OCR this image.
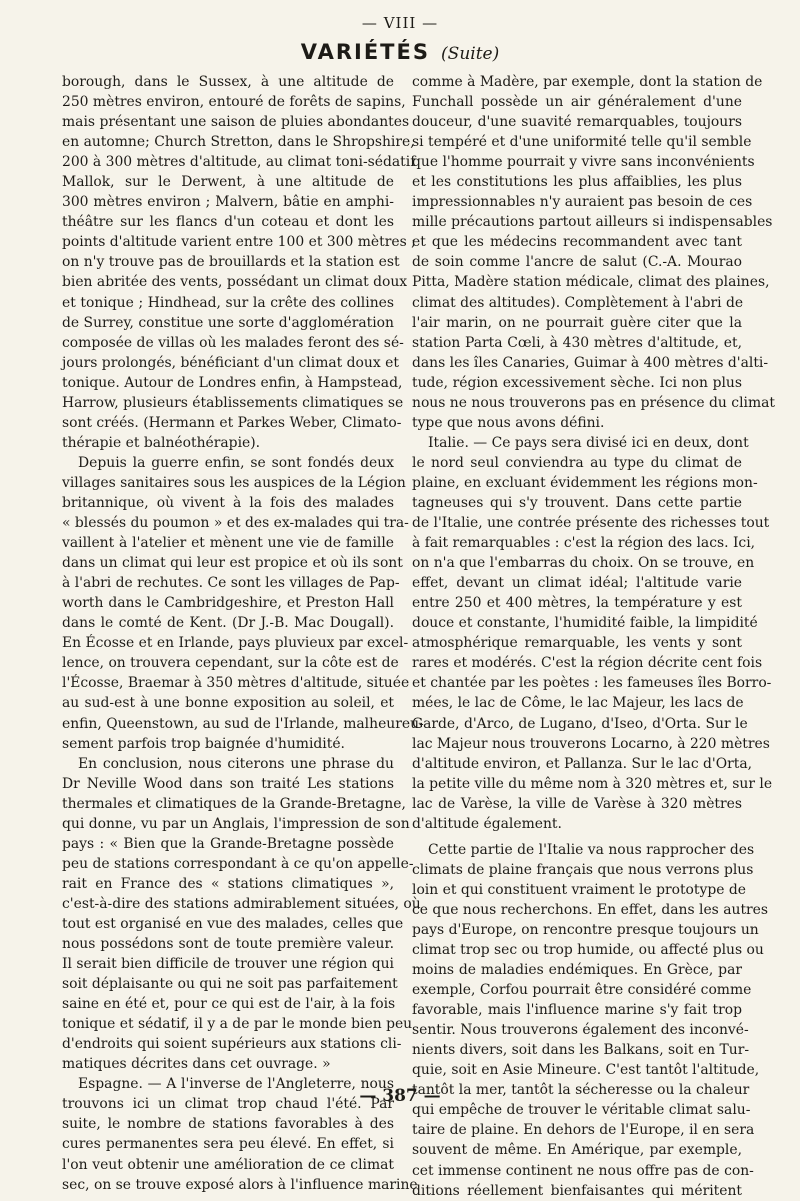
— VIII —
VARIÉTÉS (Suite)
borough, dans le Sussex, à une altitude de
250 mètres environ, entouré de forêts de sapins,
mais présentant une saison de pluies abondantes
en automne; Church Stretton, dans le Shropshire,
200 à 300 mètres d'altitude, au climat toni-sédatif
Mallok, sur le Derwent, à une altitude de
300 mètres environ ; Malvern, bâtie en amphi-
théâtre sur les flancs d'un coteau et dont les
points d'altitude varient entre 100 et 300 mètres ;
on n'y trouve pas de brouillards et la station est
bien abritée des vents, possédant un climat doux
et tonique ; Hindhead, sur la crête des collines
de Surrey, constitue une sorte d'agglomération
composée de villas où les malades feront des sé-
jours prolongés, bénéficiant d'un climat doux et
tonique. Autour de Londres enfin, à Hampstead,
Harrow, plusieurs établissements climatiques se
sont créés. (Hermann et Parkes Weber, Climato-
thérapie et balnéothérapie).
Depuis la guerre enfin, se sont fondés deux
villages sanitaires sous les auspices de la Légion
britannique, où vivent à la fois des malades
« blessés du poumon » et des ex-malades qui tra-
vaillent à l'atelier et mènent une vie de famille
dans un climat qui leur est propice et où ils sont
à l'abri de rechutes. Ce sont les villages de Pap-
worth dans le Cambridgeshire, et Preston Hall
dans le comté de Kent. (Dr J.-B. Mac Dougall).
En Écosse et en Irlande, pays pluvieux par excel-
lence, on trouvera cependant, sur la côte est de
l'Écosse, Braemar à 350 mètres d'altitude, située
au sud-est à une bonne exposition au soleil, et
enfin, Queenstown, au sud de l'Irlande, malheureu-
sement parfois trop baignée d'humidité.
En conclusion, nous citerons une phrase du
Dr Neville Wood dans son traité Les stations
thermales et climatiques de la Grande-Bretagne,
qui donne, vu par un Anglais, l'impression de son
pays : « Bien que la Grande-Bretagne possède
peu de stations correspondant à ce qu'on appelle-
rait en France des « stations climatiques »,
c'est-à-dire des stations admirablement situées, où
tout est organisé en vue des malades, celles que
nous possédons sont de toute première valeur.
Il serait bien difficile de trouver une région qui
soit déplaisante ou qui ne soit pas parfaitement
saine en été et, pour ce qui est de l'air, à la fois
tonique et sédatif, il y a de par le monde bien peu
d'endroits qui soient supérieurs aux stations cli-
matiques décrites dans cet ouvrage. »
Espagne. — A l'inverse de l'Angleterre, nous
trouvons ici un climat trop chaud l'été. Par
suite, le nombre de stations favorables à des
cures permanentes sera peu élevé. En effet, si
l'on veut obtenir une amélioration de ce climat
sec, on se trouve exposé alors à l'influence marine
comme à Madère, par exemple, dont la station de
Funchall possède un air généralement d'une
douceur, d'une suavité remarquables, toujours
si tempéré et d'une uniformité telle qu'il semble
que l'homme pourrait y vivre sans inconvénients
et les constitutions les plus affaiblies, les plus
impressionnables n'y auraient pas besoin de ces
mille précautions partout ailleurs si indispensables
et que les médecins recommandent avec tant
de soin comme l'ancre de salut (C.-A. Mourao
Pitta, Madère station médicale, climat des plaines,
climat des altitudes). Complètement à l'abri de
l'air marin, on ne pourrait guère citer que la
station Parta Cœli, à 430 mètres d'altitude, et,
dans les îles Canaries, Guimar à 400 mètres d'alti-
tude, région excessivement sèche. Ici non plus
nous ne nous trouverons pas en présence du climat
type que nous avons défini.
Italie. — Ce pays sera divisé ici en deux, dont
le nord seul conviendra au type du climat de
plaine, en excluant évidemment les régions mon-
tagneuses qui s'y trouvent. Dans cette partie
de l'Italie, une contrée présente des richesses tout
à fait remarquables : c'est la région des lacs. Ici,
on n'a que l'embarras du choix. On se trouve, en
effet, devant un climat idéal; l'altitude varie
entre 250 et 400 mètres, la température y est
douce et constante, l'humidité faible, la limpidité
atmosphérique remarquable, les vents y sont
rares et modérés. C'est la région décrite cent fois
et chantée par les poètes : les fameuses îles Borro-
mées, le lac de Côme, le lac Majeur, les lacs de
Garde, d'Arco, de Lugano, d'Iseo, d'Orta. Sur le
lac Majeur nous trouverons Locarno, à 220 mètres
d'altitude environ, et Pallanza. Sur le lac d'Orta,
la petite ville du même nom à 320 mètres et, sur le
lac de Varèse, la ville de Varèse à 320 mètres
d'altitude également.
Cette partie de l'Italie va nous rapprocher des
climats de plaine français que nous verrons plus
loin et qui constituent vraiment le prototype de
ce que nous recherchons. En effet, dans les autres
pays d'Europe, on rencontre presque toujours un
climat trop sec ou trop humide, ou affecté plus ou
moins de maladies endémiques. En Grèce, par
exemple, Corfou pourrait être considéré comme
favorable, mais l'influence marine s'y fait trop
sentir. Nous trouverons également des inconvé-
nients divers, soit dans les Balkans, soit en Tur-
quie, soit en Asie Mineure. C'est tantôt l'altitude,
tantôt la mer, tantôt la sécheresse ou la chaleur
qui empêche de trouver le véritable climat salu-
taire de plaine. En dehors de l'Europe, il en sera
souvent de même. En Amérique, par exemple,
cet immense continent ne nous offre pas de con-
ditions réellement bienfaisantes qui méritent
— 387 —
